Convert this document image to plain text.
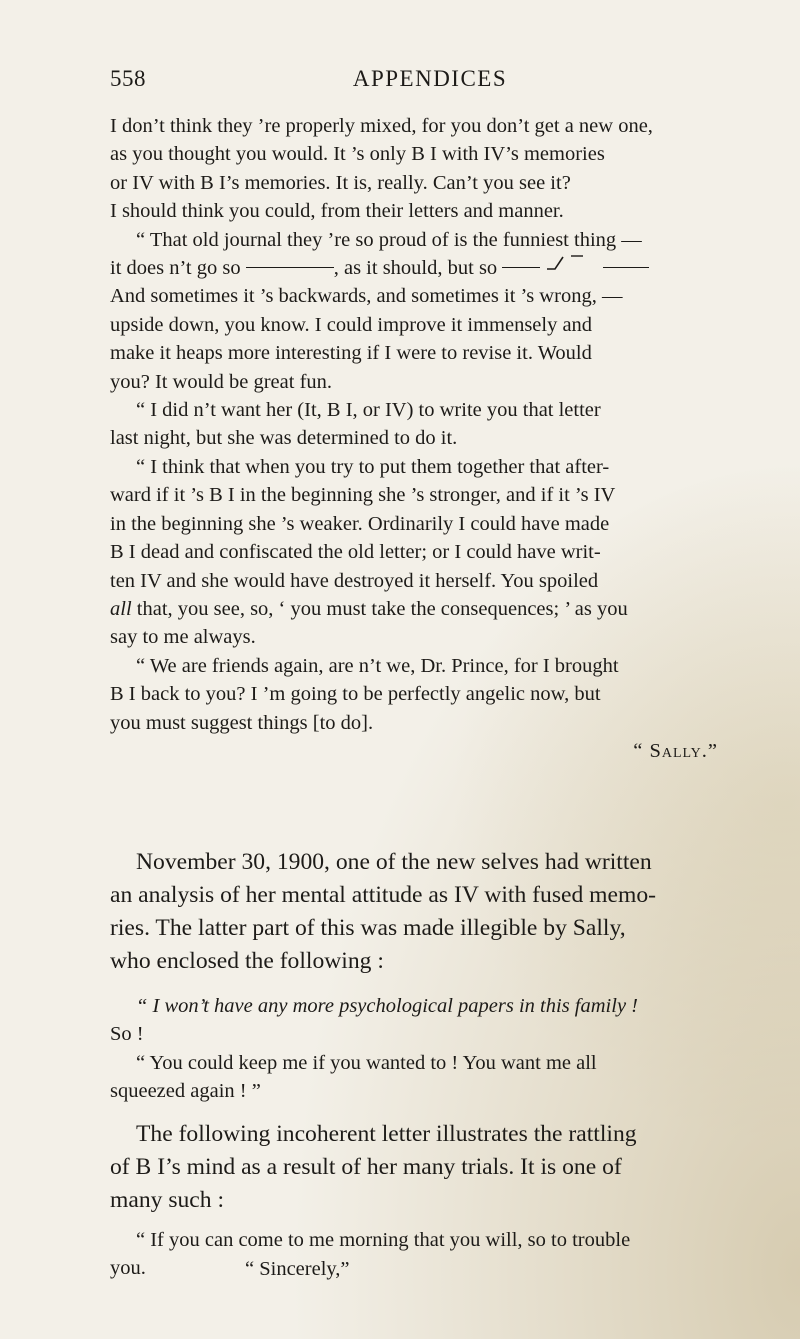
558	APPENDICES

I don’t think they ’re properly mixed, for you don’t get a new one,
as you thought you would. It ’s only B I with IV’s memories
or IV with B I’s memories. It is, really. Can’t you see it?
I should think you could, from their letters and manner.

“ That old journal they ’re so proud of is the funniest thing —
it does n’t go so	, as it should, but so
And sometimes it ’s backwards, and sometimes it ’s wrong, —
upside down, you know. I could improve it immensely and
make it heaps more interesting if I were to revise it. Would
you? It would be great fun.

“ I did n’t want her (It, B I, or IV) to write you that letter
last night, but she was determined to do it.

“ I think that when you try to put them together that after-
ward if it ’s B I in the beginning she ’s stronger, and if it ’s IV
in the beginning she ’s weaker. Ordinarily I could have made
B I dead and confiscated the old letter; or I could have writ-
ten IV and she would have destroyed it herself. You spoiled
all that, you see, so, ‘ you must take the consequences; ’ as you
say to me always.

“ We are friends again, are n’t we, Dr. Prince, for I brought
B I back to you? I ’m going to be perfectly angelic now, but
you must suggest things [to do].

“ Sally.”
November 30, 1900, one of the new selves had written
an analysis of her mental attitude as IV with fused memo-
ries. The latter part of this was made illegible by Sally,
who enclosed the following :
“ I won’t have any more psychological papers in this family !
So !
“ You could keep me if you wanted to ! You want me all
squeezed again ! ”
The following incoherent letter illustrates the rattling
of B I’s mind as a result of her many trials. It is one of
many such :
“ If you can come to me morning that you will, so to trouble
you.	“ Sincerely,”
